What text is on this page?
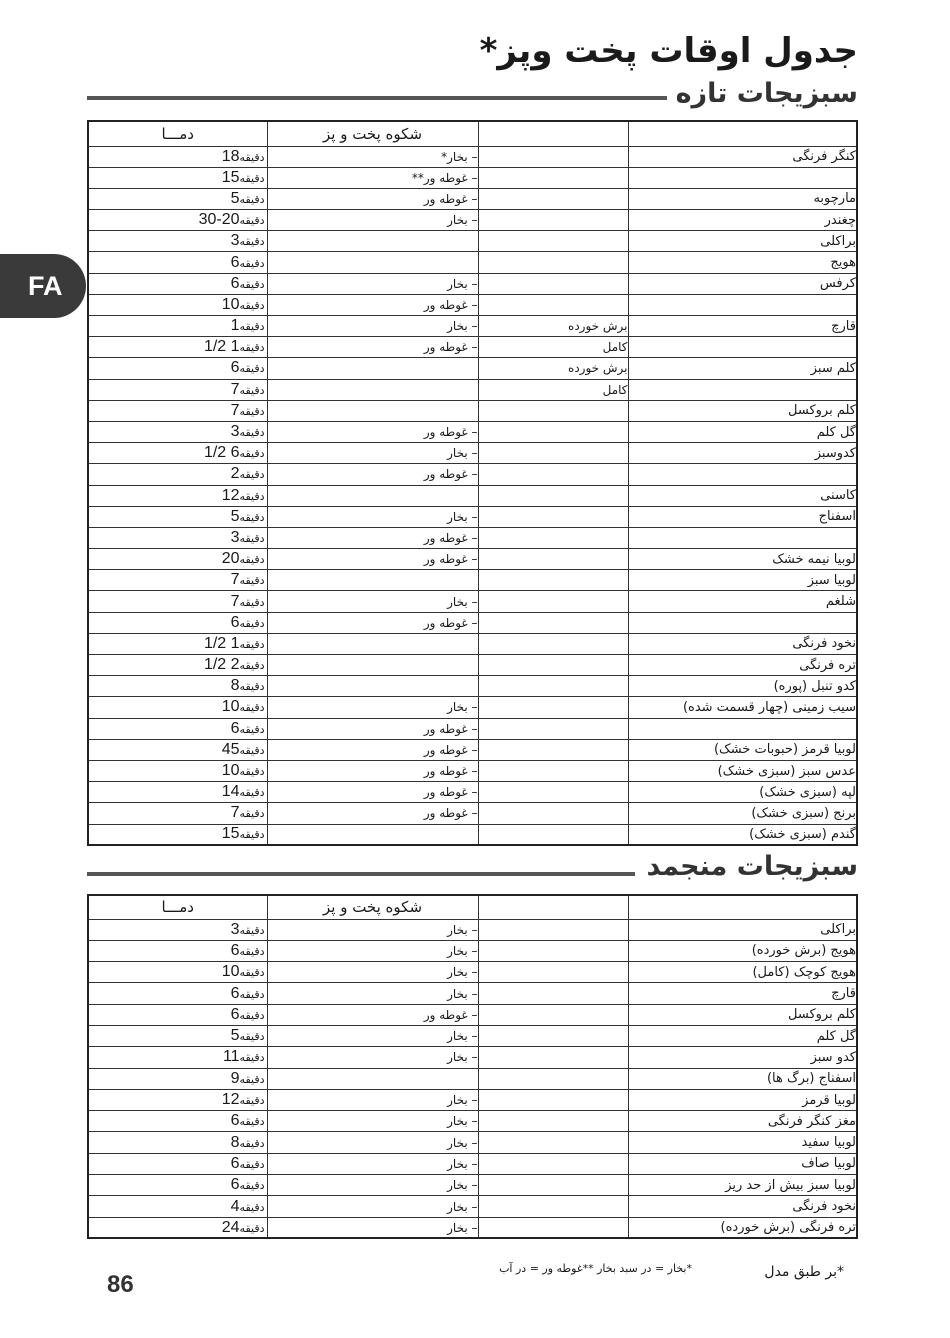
جدول اوقات پخت وپز*
سبزیجات تازه
FA
دمـــا	شکوه پخت و پز		
دقیقه18	– بخار*		کنگر فرنگی
دقیقه15	– غوطه ور**		
دقیقه5	– غوطه ور		مارچوبه
دقیقه20-30	– بخار		چغندر
دقیقه3			براکلی
دقیقه6			هویج
دقیقه6	– بخار		کرفس
دقیقه10	– غوطه ور		
دقیقه1	– بخار	برش خورده	قارچ
دقیقه1 1/2	– غوطه ور	کامل	
دقیقه6		برش خورده	کلم سبز
دقیقه7		کامل	
دقیقه7			کلم بروکسل
دقیقه3	– غوطه ور		گل کلم
دقیقه6 1/2	– بخار		کدوسبز
دقیقه2	– غوطه ور		
دقیقه12			کاسنی
دقیقه5	– بخار		اسفناج
دقیقه3	– غوطه ور		
دقیقه20	– غوطه ور		لوبیا نیمه خشک
دقیقه7			لوبیا سبز
دقیقه7	– بخار		شلغم
دقیقه6	– غوطه ور		
دقیقه1 1/2			نخود فرنگی
دقیقه2 1/2			تره فرنگی
دقیقه8			کدو تنبل (پوره)
دقیقه10	– بخار		سیب زمینی (چهار قسمت شده)
دقیقه6	– غوطه ور		
دقیقه45	– غوطه ور		لوبیا قرمز (حبوبات خشک)
دقیقه10	– غوطه ور		عدس سبز (سبزی خشک)
دقیقه14	– غوطه ور		لپه (سبزی خشک)
دقیقه7	– غوطه ور		برنج (سبزی خشک)
دقیقه15			گندم (سبزی خشک)
سبزیجات منجمد
دمـــا	شکوه پخت و پز		
دقیقه3	– بخار		براکلی
دقیقه6	– بخار		هویج (برش خورده)
دقیقه10	– بخار		هویج کوچک (کامل)
دقیقه6	– بخار		قارچ
دقیقه6	– غوطه ور		کلم بروکسل
دقیقه5	– بخار		گل کلم
دقیقه11	– بخار		کدو سبز
دقیقه9			اسفناج (برگ ها)
دقیقه12	– بخار		لوبیا قرمز
دقیقه6	– بخار		مغز کنگر فرنگی
دقیقه8	– بخار		لوبیا سفید
دقیقه6	– بخار		لوبیا صاف
دقیقه6	– بخار		لوبیا سبز بیش از حد ریز
دقیقه4	– بخار		نخود فرنگی
دقیقه24	– بخار		تره فرنگی (برش خورده)
*بر طبق مدل
*بخار = در سبد بخار **غوطه ور = در آب
86
